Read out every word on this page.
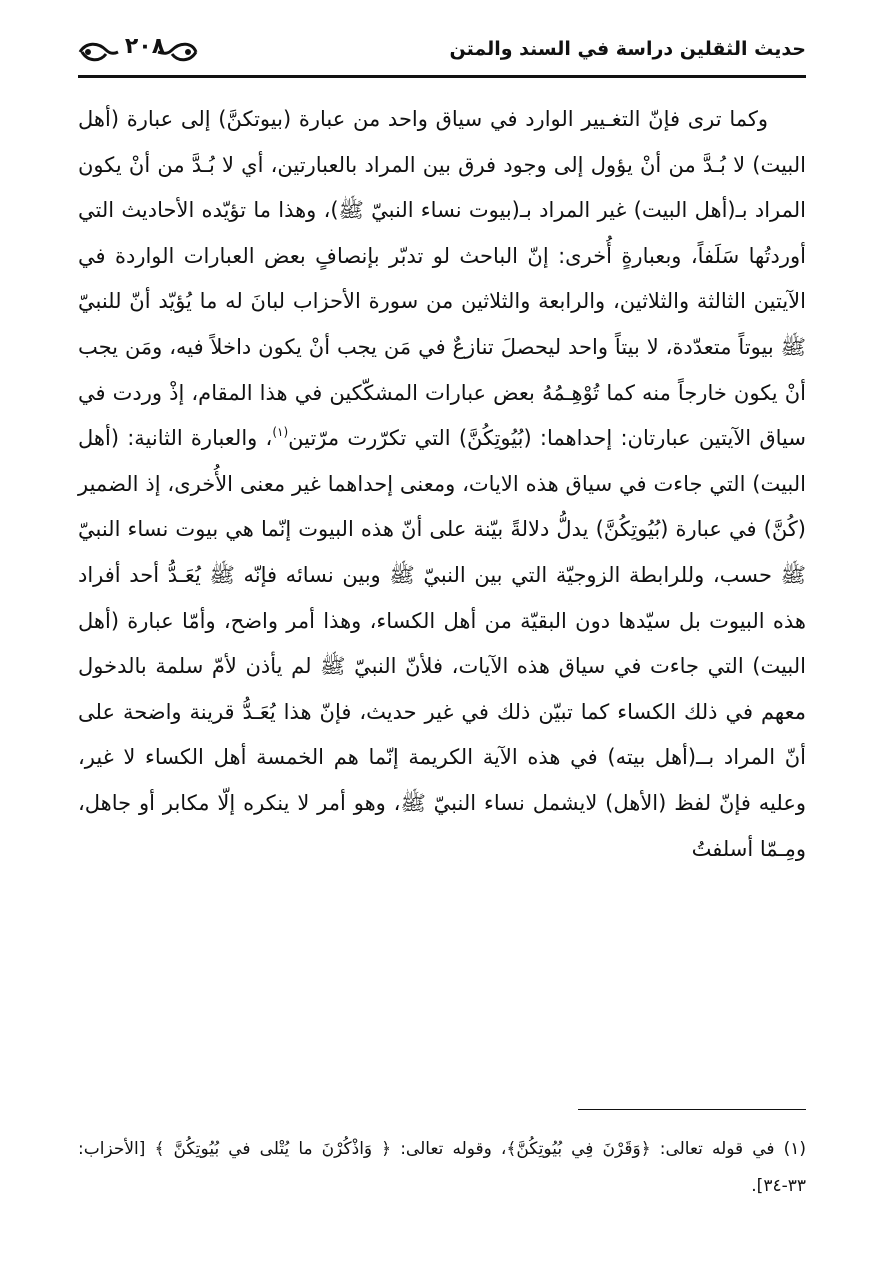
حديث الثقلين دراسة في السند والمتن
٢٠٨

وكما ترى فإنّ التغـيير الوارد في سياق واحد من عبارة (بيوتكنَّ) إلى عبارة (أهل البيت) لا بُـدَّ من أنْ يؤول إلى وجود فرق بين المراد بالعبارتين، أي لا بُـدَّ من أنْ يكون المراد بـ(أهل البيت) غير المراد بـ(بيوت نساء النبيّ ﷺ)، وهذا ما تؤيّده الأحاديث التي أوردتُها سَلَفاً، وبعبارةٍ أُخرى: إنّ الباحث لو تدبّر بإنصافٍ بعض العبارات الواردة في الآيتين الثالثة والثلاثين، والرابعة والثلاثين من سورة الأحزاب لبانَ له ما يُؤيّد أنّ للنبيّ ﷺ بيوتاً متعدّدة، لا بيتاً واحد ليحصلَ تنازعٌ في مَن يجب أنْ يكون داخلاً فيه، ومَن يجب أنْ يكون خارجاً منه كما تُوْهِـمُهُ بعض عبارات المشكّكين في هذا المقام، إذْ وردت في سياق الآيتين عبارتان: إحداهما: (بُيُوتِكُنَّ) التي تكرّرت مرّتين$^{(١)}$، والعبارة الثانية: (أهل البيت) التي جاءت في سياق هذه الايات، ومعنى إحداهما غير معنى الأُخرى، إذ الضمير (كُنَّ) في عبارة (بُيُوتِكُنَّ) يدلُّ دلالةً بيّنة على أنّ هذه البيوت إنّما هي بيوت نساء النبيّ ﷺ حسب، وللرابطة الزوجيّة التي بين النبيّ ﷺ وبين نسائه فإنّه ﷺ يُعَـدُّ أحد أفراد هذه البيوت بل سيّدها دون البقيّة من أهل الكساء، وهذا أمر واضح، وأمّا عبارة (أهل البيت) التي جاءت في سياق هذه الآيات، فلأنّ النبيّ ﷺ لم يأذن لأمّ سلمة بالدخول معهم في ذلك الكساء كما تبيّن ذلك في غير حديث، فإنّ هذا يُعَـدُّ قرينة واضحة على أنّ المراد بــ(أهل بيته) في هذه الآية الكريمة إنّما هم الخمسة أهل الكساء لا غير، وعليه فإنّ لفظ (الأهل) لايشمل نساء النبيّ ﷺ، وهو أمر لا ينكره إلّا مكابر أو جاهل، ومِـمّا أسلفتُ

(١) في قوله تعالى: ﴿وَقَرْنَ فِي بُيُوتِكُنَّ﴾، وقوله تعالى: ﴿ وَاذْكُرْنَ ما يُتْلى في بُيُوتِكُنَّ ﴾ [الأحزاب: ٣٣-٣٤].
